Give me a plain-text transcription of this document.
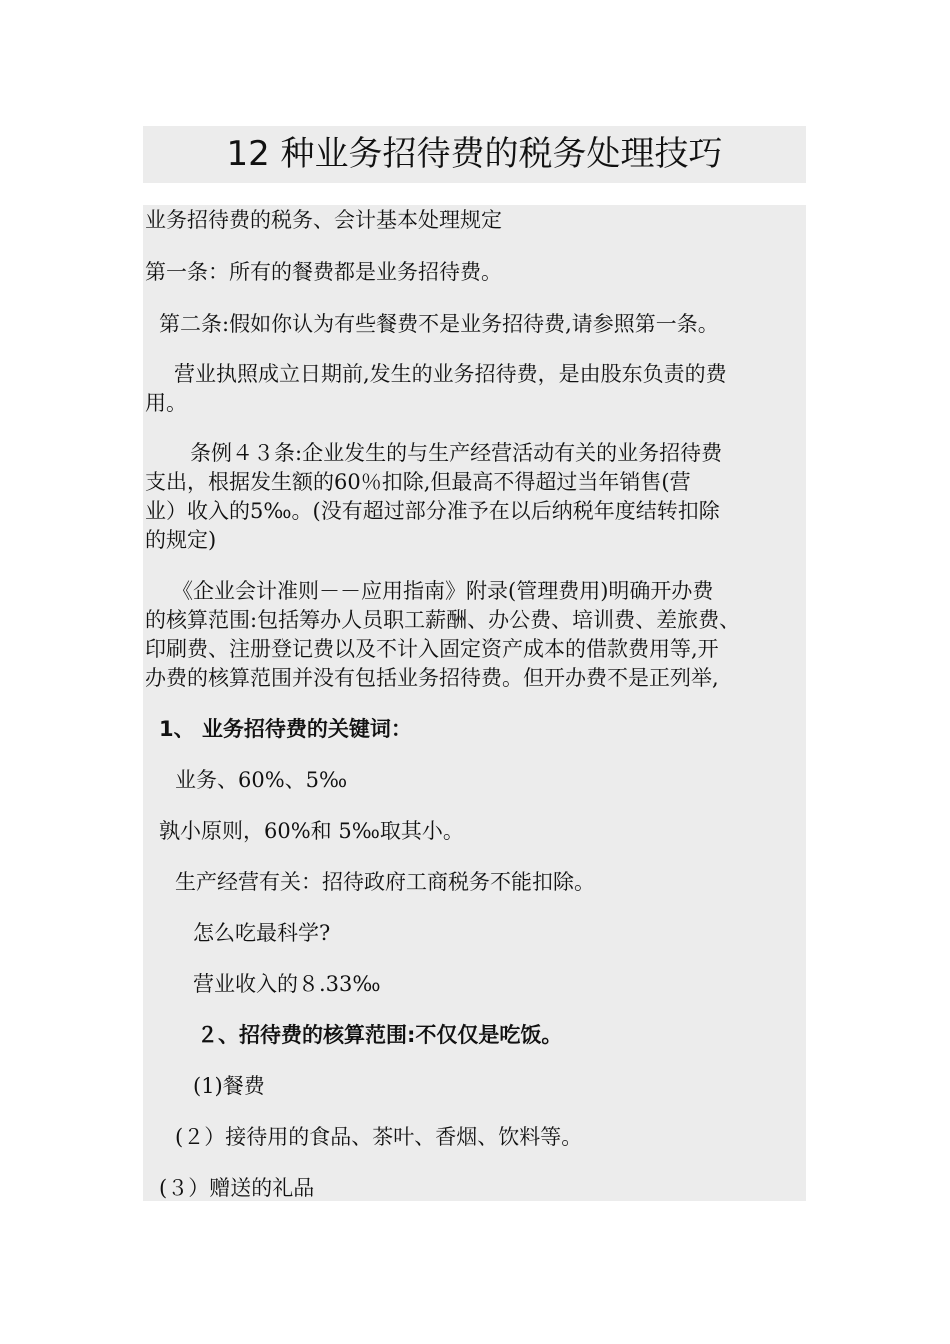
12 种业务招待费的税务处理技巧
业务招待费的税务、会计基本处理规定
第一条：所有的餐费都是业务招待费。
第二条:假如你认为有些餐费不是业务招待费,请参照第一条。
营业执照成立日期前,发生的业务招待费，是由股东负责的费
用。
条例４３条:企业发生的与生产经营活动有关的业务招待费
支出，根据发生额的60％扣除,但最高不得超过当年销售(营
业）收入的5‰。(没有超过部分准予在以后纳税年度结转扣除
的规定)
《企业会计准则－－应用指南》附录(管理费用)明确开办费
的核算范围:包括筹办人员职工薪酬、办公费、培训费、差旅费、
印刷费、注册登记费以及不计入固定资产成本的借款费用等,开
办费的核算范围并没有包括业务招待费。但开办费不是正列举,
1、 业务招待费的关键词：
业务、60%、5‰
孰小原则，60%和 5‰取其小。
生产经营有关：招待政府工商税务不能扣除。
怎么吃最科学?
营业收入的８.33‰
２、招待费的核算范围:不仅仅是吃饭。
(1)餐费
(２）接待用的食品、茶叶、香烟、饮料等。
(３）赠送的礼品
